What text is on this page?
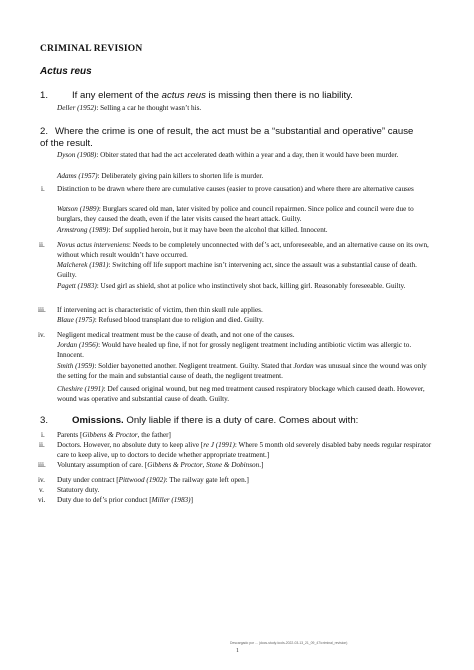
CRIMINAL REVISION
Actus reus
1. If any element of the actus reus is missing then there is no liability.
Deller (1952): Selling a car he thought wasn’t his.
2. Where the crime is one of result, the act must be a “substantial and operative” cause of the result.
Dyson (1908): Obiter stated that had the act accelerated death within a year and a day, then it would have been murder.
Adams (1957): Deliberately giving pain killers to shorten life is murder.
i. Distinction to be drawn where there are cumulative causes (easier to prove causation) and where there are alternative causes
Watson (1989): Burglars scared old man, later visited by police and council repairmen. Since police and council were due to burglars, they caused the death, even if the later visits caused the heart attack. Guilty.
Armstrong (1989): Def supplied heroin, but it may have been the alcohol that killed. Innocent.
ii. Novus actus interveniens: Needs to be completely unconnected with def’s act, unforeseeable, and an alternative cause on its own, without which result wouldn’t have occurred.
Malcherek (1981): Switching off life support machine isn’t intervening act, since the assault was a substantial cause of death. Guilty.
Pagett (1983): Used girl as shield, shot at police who instinctively shot back, killing girl. Reasonably foreseeable. Guilty.
iii. If intervening act is characteristic of victim, then thin skull rule applies.
Blaue (1975): Refused blood transplant due to religion and died. Guilty.
iv. Negligent medical treatment must be the cause of death, and not one of the causes.
Jordan (1956): Would have healed up fine, if not for grossly negligent treatment including antibiotic victim was allergic to. Innocent.
Smith (1959): Soldier bayonetted another. Negligent treatment. Guilty. Stated that Jordan was unusual since the wound was only the setting for the main and substantial cause of death, the negligent treatment.
Cheshire (1991): Def caused original wound, but neg med treatment caused respiratory blockage which caused death. However, wound was operative and substantial cause of death. Guilty.
3. Omissions. Only liable if there is a duty of care. Comes about with:
i. Parents [Gibbens & Proctor, the father]
ii. Doctors. However, no absolute duty to keep alive [re J (1991): Where 5 month old severely disabled baby needs regular respirator care to keep alive, up to doctors to decide whether appropriate treatment.]
iii. Voluntary assumption of care. [Gibbens & Proctor, Stone & Dobinson.]
iv. Duty under contract [Pittwood (1902): The railway gate left open.]
v. Statutory duty.
vi. Duty due to def’s prior conduct [Miller (1983)]
Descargado por ... (docs-study-tools-2022-03-13_21_09_47/criminal_revision)
1
